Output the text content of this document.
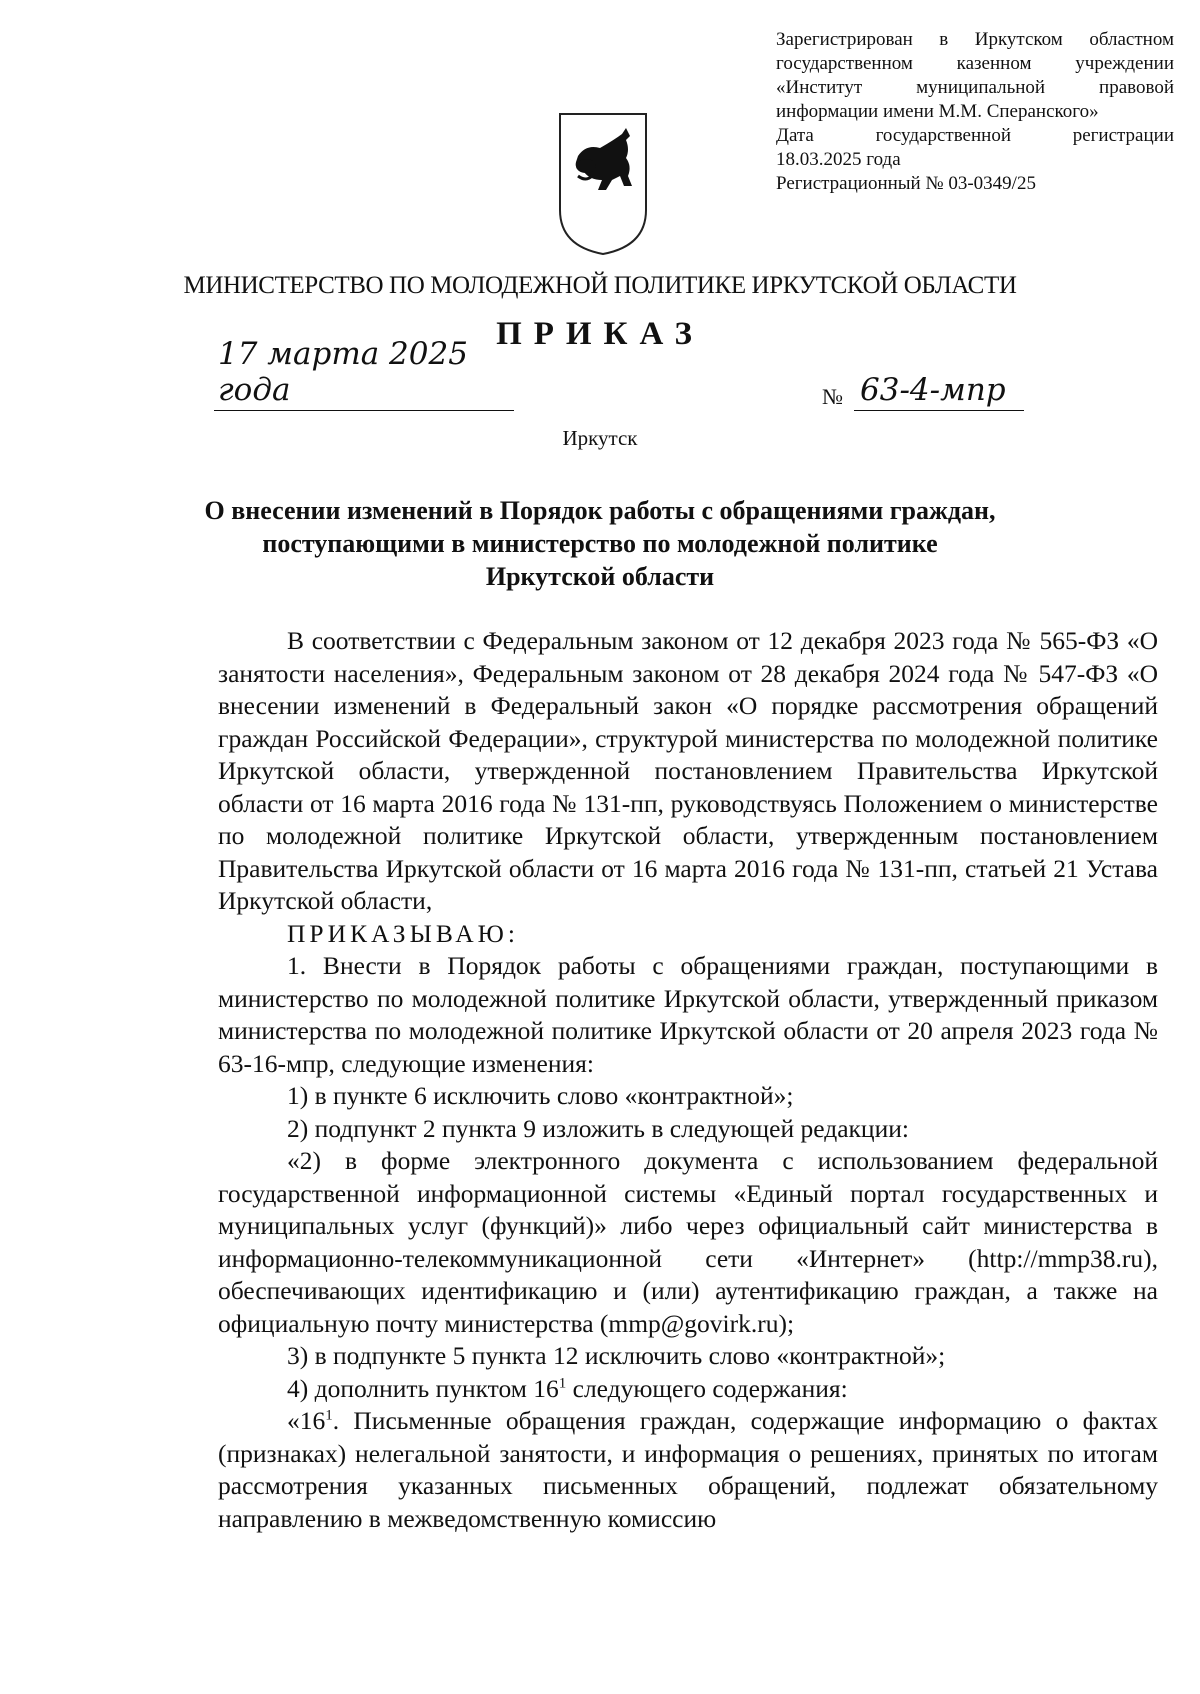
Зарегистрирован в Иркутском областном

государственном казенном учреждении

«Институт муниципальной правовой

информации имени М.М. Сперанского»

Дата государственной регистрации

18.03.2025 года

Регистрационный № 03-0349/25

МИНИСТЕРСТВО ПО МОЛОДЕЖНОЙ ПОЛИТИКЕ ИРКУТСКОЙ ОБЛАСТИ
ПРИКАЗ
17 марта 2025 года	№ 63-4-мпр
Иркутск
О внесении изменений в Порядок работы с обращениями граждан,
поступающими в министерство по молодежной политике
Иркутской области

В соответствии с Федеральным законом от 12 декабря 2023 года № 565-ФЗ «О занятости населения», Федеральным законом от 28 декабря 2024 года № 547-ФЗ «О внесении изменений в Федеральный закон «О порядке рассмотрения обращений граждан Российской Федерации», структурой министерства по молодежной политике Иркутской области, утвержденной постановлением Правительства Иркутской области от 16 марта 2016 года № 131-пп, руководствуясь Положением о министерстве по молодежной политике Иркутской области, утвержденным постановлением Правительства Иркутской области от 16 марта 2016 года № 131-пп, статьей 21 Устава Иркутской области,

ПРИКАЗЫВАЮ:

1. Внести в Порядок работы с обращениями граждан, поступающими в министерство по молодежной политике Иркутской области, утвержденный приказом министерства по молодежной политике Иркутской области от 20 апреля 2023 года № 63-16-мпр, следующие изменения:

1) в пункте 6 исключить слово «контрактной»;

2) подпункт 2 пункта 9 изложить в следующей редакции:

«2) в форме электронного документа с использованием федеральной государственной информационной системы «Единый портал государственных и муниципальных услуг (функций)» либо через официальный сайт министерства в информационно-телекоммуникационной сети «Интернет» (http://mmp38.ru), обеспечивающих идентификацию и (или) аутентификацию граждан, а также на официальную почту министерства (mmp@govirk.ru);

3) в подпункте 5 пункта 12 исключить слово «контрактной»;

4) дополнить пунктом $16^1$ следующего содержания:

«$16^1$. Письменные обращения граждан, содержащие информацию о фактах (признаках) нелегальной занятости, и информация о решениях, принятых по итогам рассмотрения указанных письменных обращений, подлежат обязательному направлению в межведомственную комиссию
